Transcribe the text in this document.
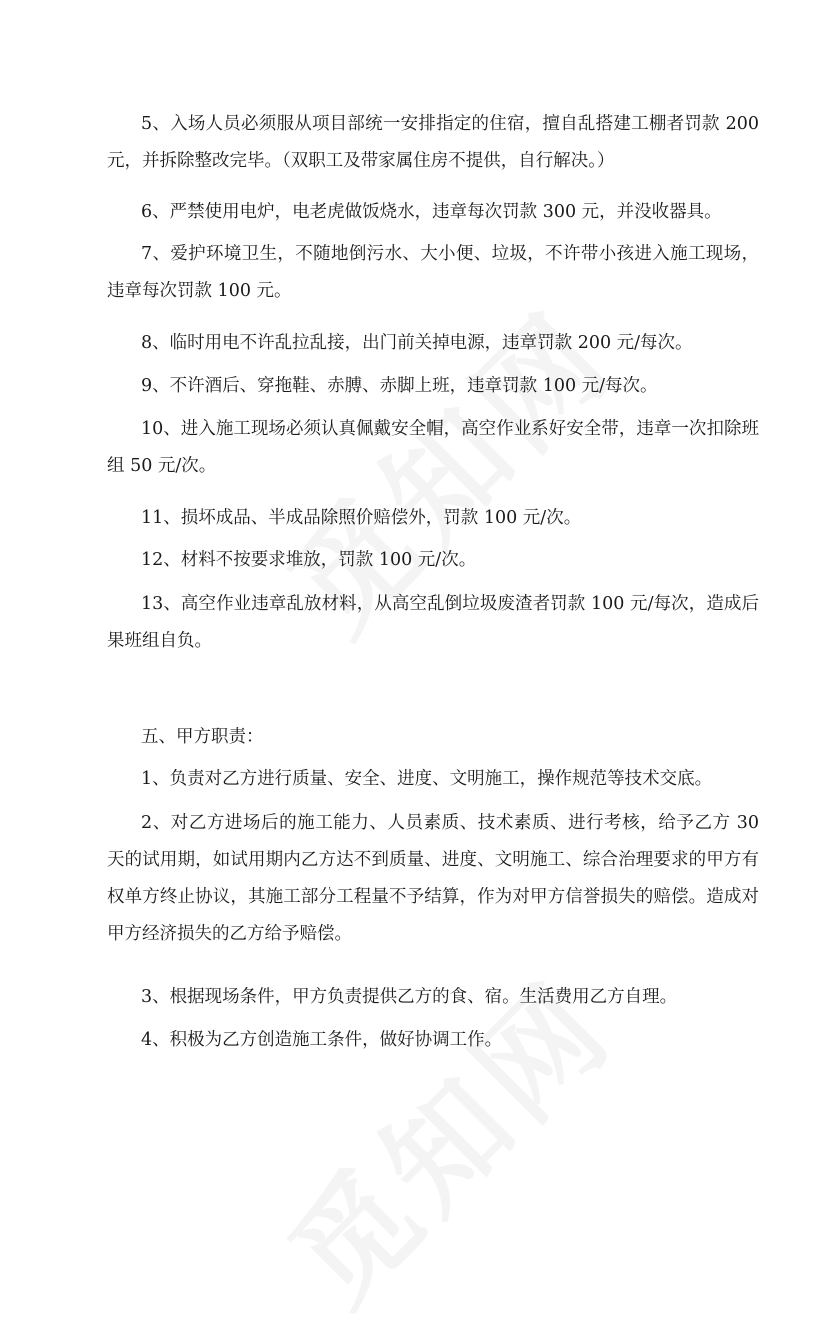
5、入场人员必须服从项目部统一安排指定的住宿，擅自乱搭建工棚者罚款 200 元，并拆除整改完毕。（双职工及带家属住房不提供，自行解决。）

6、严禁使用电炉，电老虎做饭烧水，违章每次罚款 300 元，并没收器具。

7、爱护环境卫生，不随地倒污水、大小便、垃圾，不许带小孩进入施工现场，违章每次罚款 100 元。

8、临时用电不许乱拉乱接，出门前关掉电源，违章罚款 200 元/每次。

9、不许酒后、穿拖鞋、赤膊、赤脚上班，违章罚款 100 元/每次。

10、进入施工现场必须认真佩戴安全帽，高空作业系好安全带，违章一次扣除班组 50 元/次。

11、损坏成品、半成品除照价赔偿外，罚款 100 元/次。

12、材料不按要求堆放，罚款 100 元/次。

13、高空作业违章乱放材料，从高空乱倒垃圾废渣者罚款 100 元/每次，造成后果班组自负。

五、甲方职责：

1、负责对乙方进行质量、安全、进度、文明施工，操作规范等技术交底。

2、对乙方进场后的施工能力、人员素质、技术素质、进行考核，给予乙方 30 天的试用期，如试用期内乙方达不到质量、进度、文明施工、综合治理要求的甲方有权单方终止协议，其施工部分工程量不予结算，作为对甲方信誉损失的赔偿。造成对甲方经济损失的乙方给予赔偿。

3、根据现场条件，甲方负责提供乙方的食、宿。生活费用乙方自理。

4、积极为乙方创造施工条件，做好协调工作。
